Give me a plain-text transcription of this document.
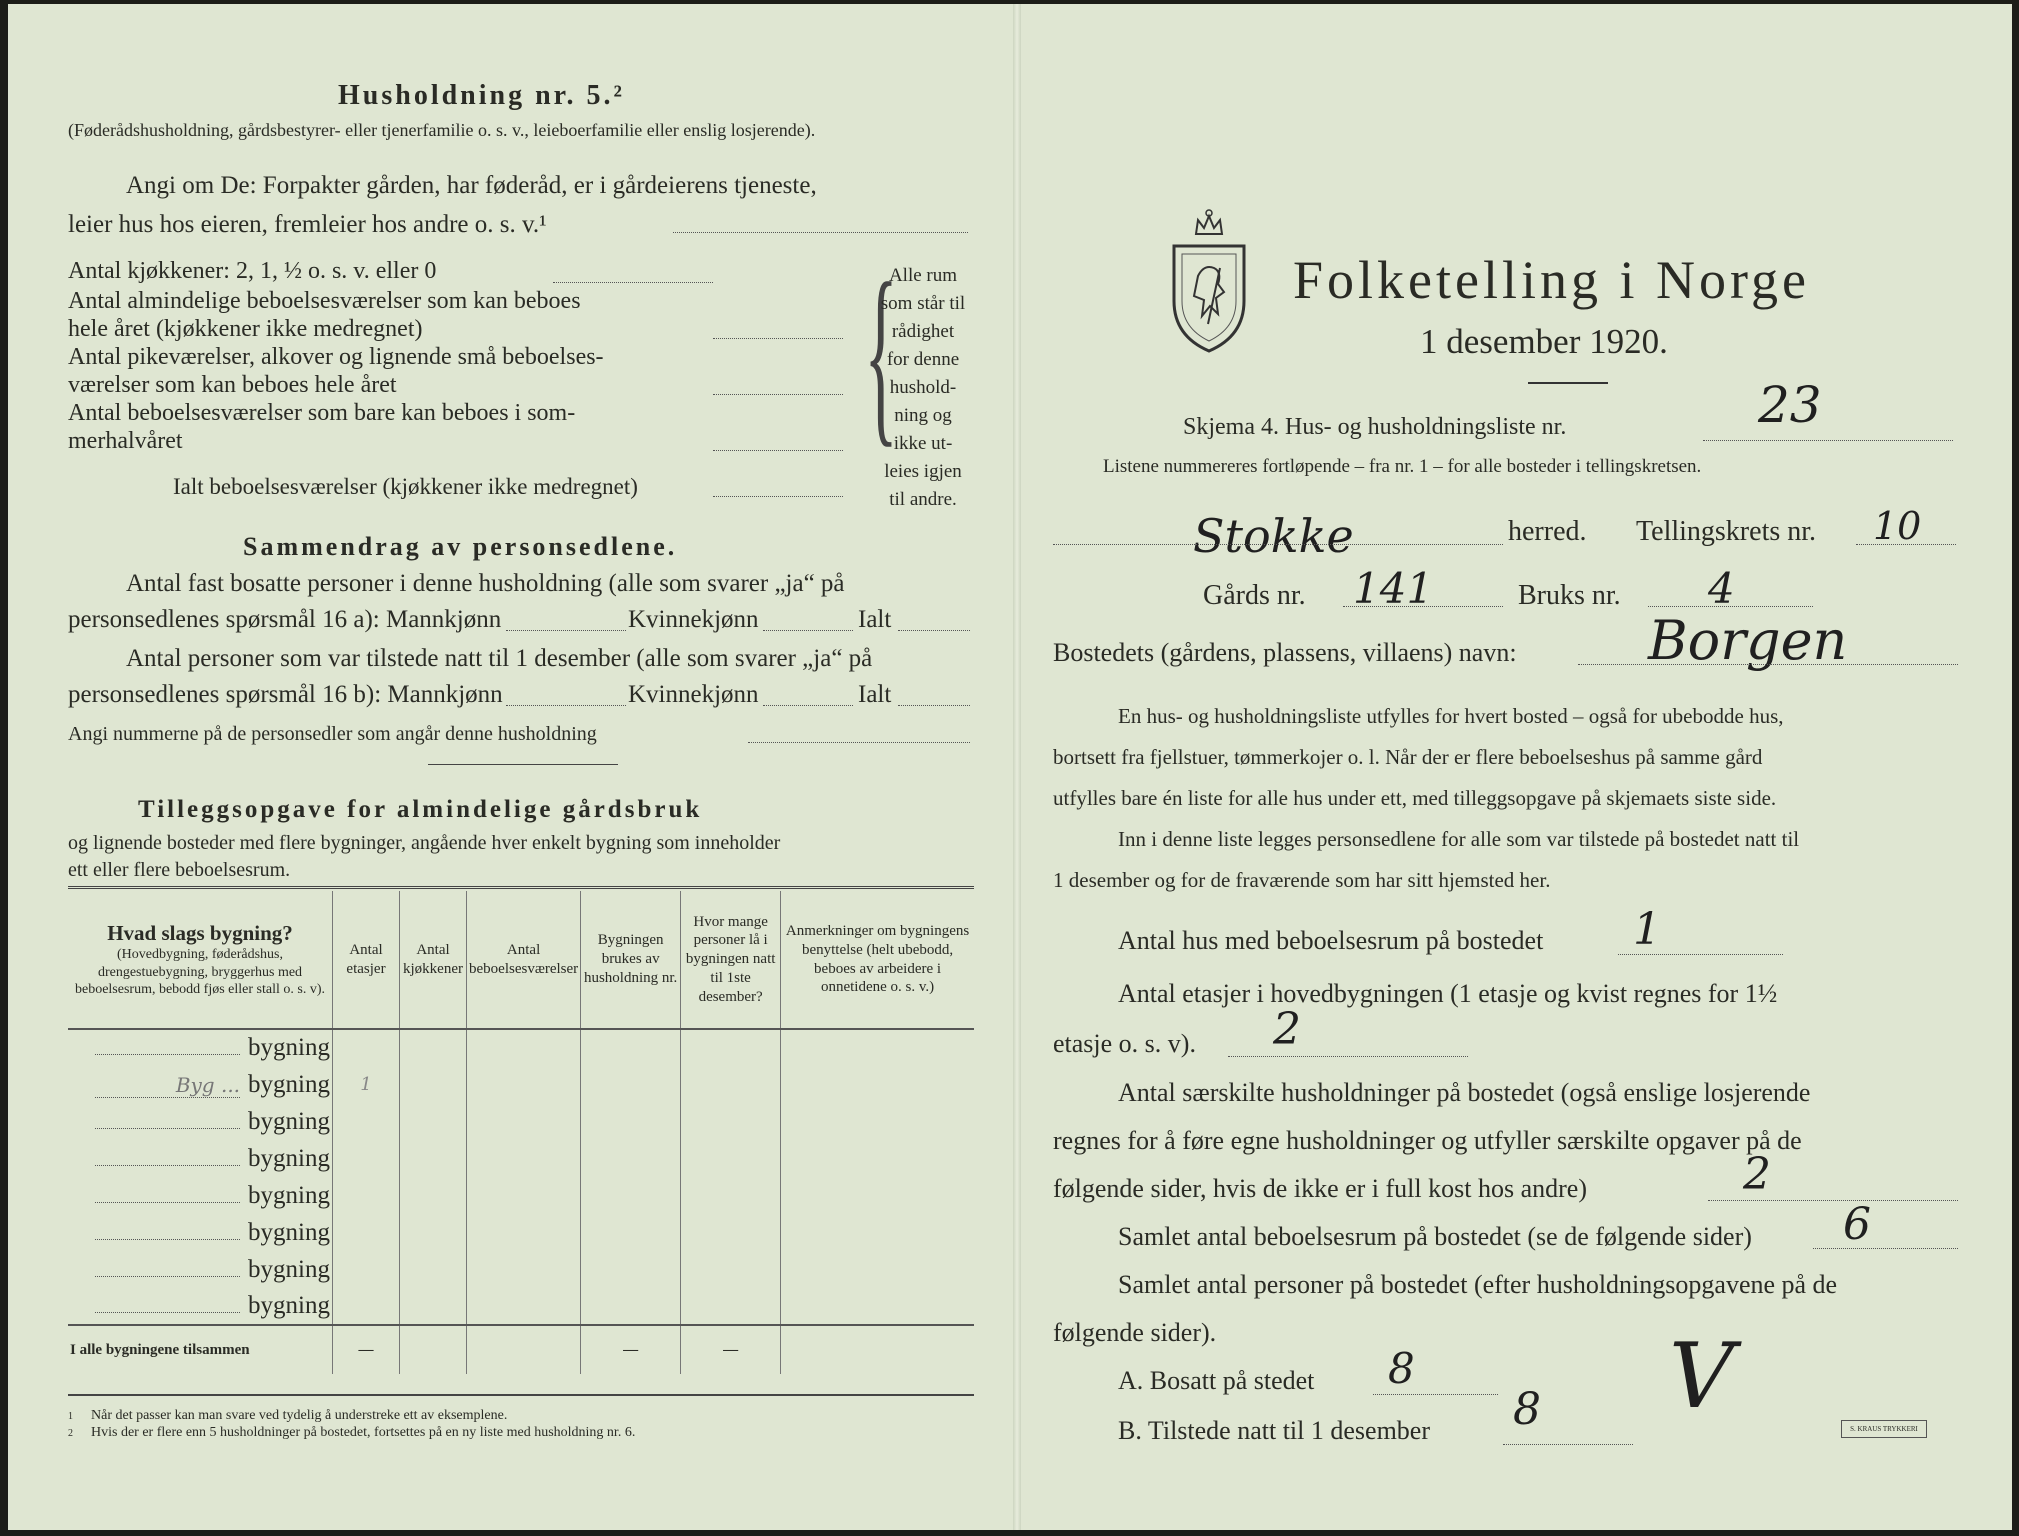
Husholdning nr. 5.²
(Føderådshusholdning, gårdsbestyrer- eller tjenerfamilie o. s. v., leieboerfamilie eller enslig losjerende).
Angi om De: Forpakter gården, har føderåd, er i gårdeierens tjeneste,
leier hus hos eieren, fremleier hos andre o. s. v.¹
Antal kjøkkener: 2, 1, ½ o. s. v. eller 0
Antal almindelige beboelsesværelser som kan beboes
hele året (kjøkkener ikke medregnet)
Antal pikeværelser, alkover og lignende små beboelses-
værelser som kan beboes hele året
Antal beboelsesværelser som bare kan beboes i som-
merhalvåret
Ialt beboelsesværelser (kjøkkener ikke medregnet)
{
Alle rum
som står til
rådighet
for denne
hushold-
ning og
ikke ut-
leies igjen
til andre.
Sammendrag av personsedlene.
Antal fast bosatte personer i denne husholdning (alle som svarer „ja“ på
personsedlenes spørsmål 16 a): Mannkjønn	Kvinnekjønn	Ialt
Antal personer som var tilstede natt til 1 desember (alle som svarer „ja“ på
personsedlenes spørsmål 16 b): Mannkjønn	Kvinnekjønn	Ialt
Angi nummerne på de personsedler som angår denne husholdning
Tilleggsopgave for almindelige gårdsbruk
og lignende bosteder med flere bygninger, angående hver enkelt bygning som inneholder
ett eller flere beboelsesrum.
Hvad slags bygning?
(Hovedbygning, føderådshus, drengestuebygning, bryggerhus med beboelsesrum, bebodd fjøs eller stall o. s. v).	Antal etasjer	Antal kjøkkener	Antal beboelsesværelser	Bygningen brukes av husholdning nr.	Hvor mange personer lå i bygningen natt til 1ste desember?	Anmerkninger om bygningens benyttelse (helt ubebodd, beboes av arbeidere i onnetidene o. s. v.)
bygning						
Byg ... bygning	1					
bygning						
bygning						
bygning						
bygning						
bygning						
bygning						
I alle bygningene tilsammen	—			—	—	
1 Når det passer kan man svare ved tydelig å understreke ett av eksemplene.
2 Hvis der er flere enn 5 husholdninger på bostedet, fortsettes på en ny liste med husholdning nr. 6.
Folketelling i Norge
1 desember 1920.
Skjema 4. Hus- og husholdningsliste nr.	23
Listene nummereres fortløpende – fra nr. 1 – for alle bosteder i tellingskretsen.
Stokke	herred. Tellingskrets nr. 10
Gårds nr. 141	Bruks nr. 4
Bostedets (gårdens, plassens, villaens) navn: Borgen
En hus- og husholdningsliste utfylles for hvert bosted – også for ubebodde hus,
bortsett fra fjellstuer, tømmerkojer o. l. Når der er flere beboelseshus på samme gård
utfylles bare én liste for alle hus under ett, med tilleggsopgave på skjemaets siste side.
Inn i denne liste legges personsedlene for alle som var tilstede på bostedet natt til
1 desember og for de fraværende som har sitt hjemsted her.
Antal hus med beboelsesrum på bostedet 1
Antal etasjer i hovedbygningen (1 etasje og kvist regnes for 1½
etasje o. s. v). 2
Antal særskilte husholdninger på bostedet (også enslige losjerende
regnes for å føre egne husholdninger og utfyller særskilte opgaver på de
følgende sider, hvis de ikke er i full kost hos andre)	2
Samlet antal beboelsesrum på bostedet (se de følgende sider) 6
Samlet antal personer på bostedet (efter husholdningsopgavene på de
følgende sider).
A. Bosatt på stedet 8
B. Tilstede natt til 1 desember 8 V	S. KRAUS TRYKKERI
